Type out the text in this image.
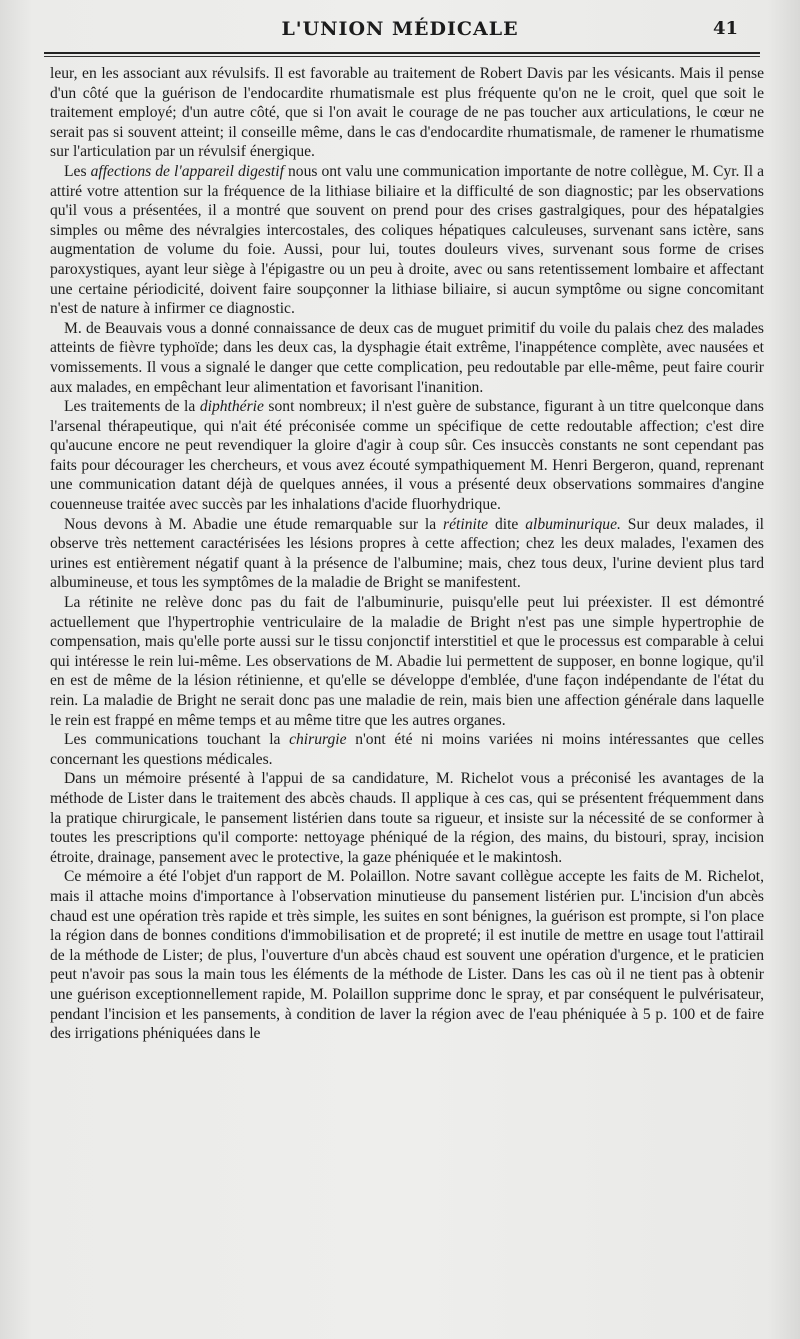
L'UNION MÉDICALE	41

leur, en les associant aux révulsifs. Il est favorable au traitement de Robert Davis par les vésicants. Mais il pense d'un côté que la guérison de l'endocardite rhumatismale est plus fréquente qu'on ne le croit, quel que soit le traitement employé; d'un autre côté, que si l'on avait le courage de ne pas toucher aux articulations, le cœur ne serait pas si souvent atteint; il conseille même, dans le cas d'endocardite rhumatismale, de ramener le rhumatisme sur l'articulation par un révulsif énergique.

Les affections de l'appareil digestif nous ont valu une communication importante de notre collègue, M. Cyr. Il a attiré votre attention sur la fréquence de la lithiase biliaire et la difficulté de son diagnostic; par les observations qu'il vous a présentées, il a montré que souvent on prend pour des crises gastralgiques, pour des hépatalgies simples ou même des névralgies intercostales, des coliques hépatiques calculeuses, survenant sans ictère, sans augmentation de volume du foie. Aussi, pour lui, toutes douleurs vives, survenant sous forme de crises paroxystiques, ayant leur siège à l'épigastre ou un peu à droite, avec ou sans retentissement lombaire et affectant une certaine périodicité, doivent faire soupçonner la lithiase biliaire, si aucun symptôme ou signe concomitant n'est de nature à infirmer ce diagnostic.

M. de Beauvais vous a donné connaissance de deux cas de muguet primitif du voile du palais chez des malades atteints de fièvre typhoïde; dans les deux cas, la dysphagie était extrême, l'inappétence complète, avec nausées et vomissements. Il vous a signalé le danger que cette complication, peu redoutable par elle-même, peut faire courir aux malades, en empêchant leur alimentation et favorisant l'inanition.

Les traitements de la diphthérie sont nombreux; il n'est guère de substance, figurant à un titre quelconque dans l'arsenal thérapeutique, qui n'ait été préconisée comme un spécifique de cette redoutable affection; c'est dire qu'aucune encore ne peut revendiquer la gloire d'agir à coup sûr. Ces insuccès constants ne sont cependant pas faits pour décourager les chercheurs, et vous avez écouté sympathiquement M. Henri Bergeron, quand, reprenant une communication datant déjà de quelques années, il vous a présenté deux observations sommaires d'angine couenneuse traitée avec succès par les inhalations d'acide fluorhydrique.

Nous devons à M. Abadie une étude remarquable sur la rétinite dite albuminurique. Sur deux malades, il observe très nettement caractérisées les lésions propres à cette affection; chez les deux malades, l'examen des urines est entièrement négatif quant à la présence de l'albumine; mais, chez tous deux, l'urine devient plus tard albumineuse, et tous les symptômes de la maladie de Bright se manifestent.

La rétinite ne relève donc pas du fait de l'albuminurie, puisqu'elle peut lui préexister. Il est démontré actuellement que l'hypertrophie ventriculaire de la maladie de Bright n'est pas une simple hypertrophie de compensation, mais qu'elle porte aussi sur le tissu conjonctif interstitiel et que le processus est comparable à celui qui intéresse le rein lui-même. Les observations de M. Abadie lui permettent de supposer, en bonne logique, qu'il en est de même de la lésion rétinienne, et qu'elle se développe d'emblée, d'une façon indépendante de l'état du rein. La maladie de Bright ne serait donc pas une maladie de rein, mais bien une affection générale dans laquelle le rein est frappé en même temps et au même titre que les autres organes.

Les communications touchant la chirurgie n'ont été ni moins variées ni moins intéressantes que celles concernant les questions médicales.

Dans un mémoire présenté à l'appui de sa candidature, M. Richelot vous a préconisé les avantages de la méthode de Lister dans le traitement des abcès chauds. Il applique à ces cas, qui se présentent fréquemment dans la pratique chirurgicale, le pansement listérien dans toute sa rigueur, et insiste sur la nécessité de se conformer à toutes les prescriptions qu'il comporte: nettoyage phéniqué de la région, des mains, du bistouri, spray, incision étroite, drainage, pansement avec le protective, la gaze phéniquée et le makintosh.

Ce mémoire a été l'objet d'un rapport de M. Polaillon. Notre savant collègue accepte les faits de M. Richelot, mais il attache moins d'importance à l'observation minutieuse du pansement listérien pur. L'incision d'un abcès chaud est une opération très rapide et très simple, les suites en sont bénignes, la guérison est prompte, si l'on place la région dans de bonnes conditions d'immobilisation et de propreté; il est inutile de mettre en usage tout l'attirail de la méthode de Lister; de plus, l'ouverture d'un abcès chaud est souvent une opération d'urgence, et le praticien peut n'avoir pas sous la main tous les éléments de la méthode de Lister. Dans les cas où il ne tient pas à obtenir une guérison exceptionnellement rapide, M. Polaillon supprime donc le spray, et par conséquent le pulvérisateur, pendant l'incision et les pansements, à condition de laver la région avec de l'eau phéniquée à 5 p. 100 et de faire des irrigations phéniquées dans le
